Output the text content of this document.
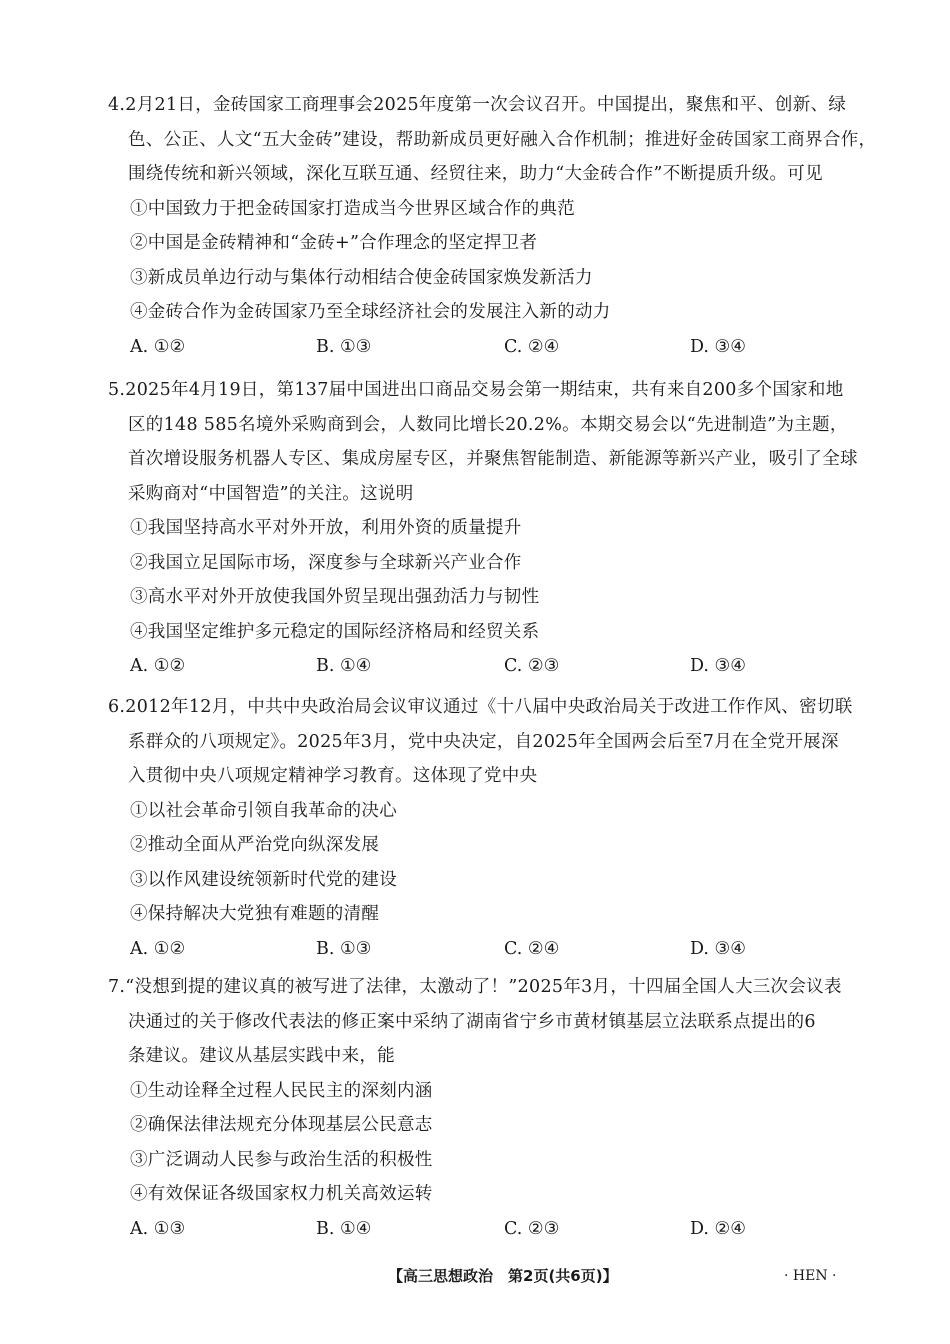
4.2月21日，金砖国家工商理事会2025年度第一次会议召开。中国提出，聚焦和平、创新、绿
色、公正、人文“五大金砖”建设，帮助新成员更好融入合作机制；推进好金砖国家工商界合作，
围绕传统和新兴领域，深化互联互通、经贸往来，助力“大金砖合作”不断提质升级。可见
①中国致力于把金砖国家打造成当今世界区域合作的典范
②中国是金砖精神和“金砖+”合作理念的坚定捍卫者
③新成员单边行动与集体行动相结合使金砖国家焕发新活力
④金砖合作为金砖国家乃至全球经济社会的发展注入新的动力
A. ①②	B. ①③	C. ②④	D. ③④
5.2025年4月19日，第137届中国进出口商品交易会第一期结束，共有来自200多个国家和地
区的148 585名境外采购商到会，人数同比增长20.2%。本期交易会以“先进制造”为主题，
首次增设服务机器人专区、集成房屋专区，并聚焦智能制造、新能源等新兴产业，吸引了全球
采购商对“中国智造”的关注。这说明
①我国坚持高水平对外开放，利用外资的质量提升
②我国立足国际市场，深度参与全球新兴产业合作
③高水平对外开放使我国外贸呈现出强劲活力与韧性
④我国坚定维护多元稳定的国际经济格局和经贸关系
A. ①②	B. ①④	C. ②③	D. ③④
6.2012年12月，中共中央政治局会议审议通过《十八届中央政治局关于改进工作作风、密切联
系群众的八项规定》。2025年3月，党中央决定，自2025年全国两会后至7月在全党开展深
入贯彻中央八项规定精神学习教育。这体现了党中央
①以社会革命引领自我革命的决心
②推动全面从严治党向纵深发展
③以作风建设统领新时代党的建设
④保持解决大党独有难题的清醒
A. ①②	B. ①③	C. ②④	D. ③④
7.“没想到提的建议真的被写进了法律，太激动了！”2025年3月，十四届全国人大三次会议表
决通过的关于修改代表法的修正案中采纳了湖南省宁乡市黄材镇基层立法联系点提出的6
条建议。建议从基层实践中来，能
①生动诠释全过程人民民主的深刻内涵
②确保法律法规充分体现基层公民意志
③广泛调动人民参与政治生活的积极性
④有效保证各级国家权力机关高效运转
A. ①③	B. ①④	C. ②③	D. ②④
【高三思想政治　第2页(共6页)】	· HEN ·
